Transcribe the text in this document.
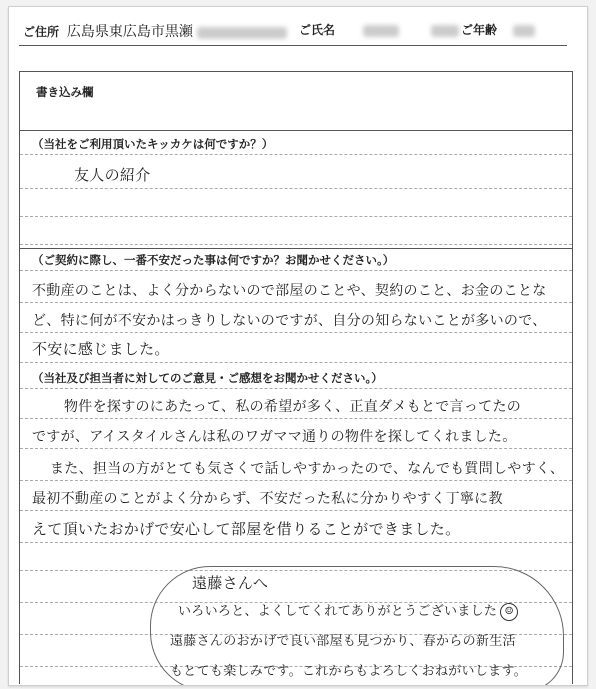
ご住所 広島県東広島市黒瀬	ご氏名	ご年齢
書き込み欄
（当社をご利用頂いたキッカケは何ですか？）
友人の紹介
（ご契約に際し、一番不安だった事は何ですか？お聞かせください。）
不動産のことは、よく分からないので部屋のことや、契約のこと、お金のことな
ど、特に何が不安かはっきりしないのですが、自分の知らないことが多いので、
不安に感じました。
（当社及び担当者に対してのご意見・ご感想をお聞かせください。）
物件を探すのにあたって、私の希望が多く、正直ダメもとで言ってたの
ですが、アイスタイルさんは私のワガママ通りの物件を探してくれました。
また、担当の方がとても気さくで話しやすかったので、なんでも質問しやすく、
最初不動産のことがよく分からず、不安だった私に分かりやすく丁寧に教
えて頂いたおかげで安心して部屋を借りることができました。
遠藤さんへ
いろいろと、よくしてくれてありがとうございました ☺
遠藤さんのおかげで良い部屋も見つかり、春からの新生活
もとても楽しみです。これからもよろしくおねがいします。
